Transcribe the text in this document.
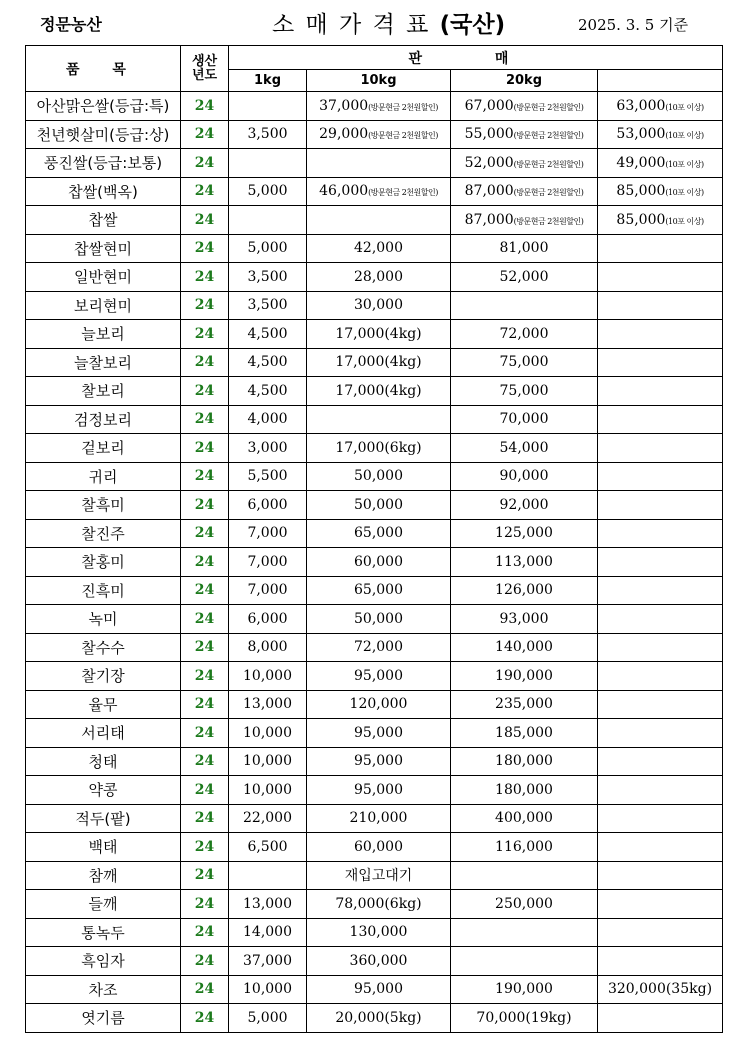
정문농산	소 매 가 격 표 (국산)	2025. 3. 5 기준
품 목	생산년도	판 매			
		1kg	10kg	20kg	
아산맑은쌀(등급:특)	24		37,000(방문현금 2천원할인)	67,000(방문현금 2천원할인)	63,000(10포 이상)
천년햇살미(등급:상)	24	3,500	29,000(방문현금 2천원할인)	55,000(방문현금 2천원할인)	53,000(10포 이상)
풍진쌀(등급:보통)	24			52,000(방문현금 2천원할인)	49,000(10포 이상)
찹쌀(백옥)	24	5,000	46,000(방문현금 2천원할인)	87,000(방문현금 2천원할인)	85,000(10포 이상)
찹쌀	24			87,000(방문현금 2천원할인)	85,000(10포 이상)
찹쌀현미	24	5,000	42,000	81,000	
일반현미	24	3,500	28,000	52,000	
보리현미	24	3,500	30,000		
늘보리	24	4,500	17,000(4kg)	72,000	
늘찰보리	24	4,500	17,000(4kg)	75,000	
찰보리	24	4,500	17,000(4kg)	75,000	
검정보리	24	4,000		70,000	
겉보리	24	3,000	17,000(6kg)	54,000	
귀리	24	5,500	50,000	90,000	
찰흑미	24	6,000	50,000	92,000	
찰진주	24	7,000	65,000	125,000	
찰홍미	24	7,000	60,000	113,000	
진흑미	24	7,000	65,000	126,000	
녹미	24	6,000	50,000	93,000	
찰수수	24	8,000	72,000	140,000	
찰기장	24	10,000	95,000	190,000	
율무	24	13,000	120,000	235,000	
서리태	24	10,000	95,000	185,000	
청태	24	10,000	95,000	180,000	
약콩	24	10,000	95,000	180,000	
적두(팥)	24	22,000	210,000	400,000	
백태	24	6,500	60,000	116,000	
참깨	24		재입고대기		
들깨	24	13,000	78,000(6kg)	250,000	
통녹두	24	14,000	130,000		
흑임자	24	37,000	360,000		
차조	24	10,000	95,000	190,000	320,000(35kg)
엿기름	24	5,000	20,000(5kg)	70,000(19kg)	
